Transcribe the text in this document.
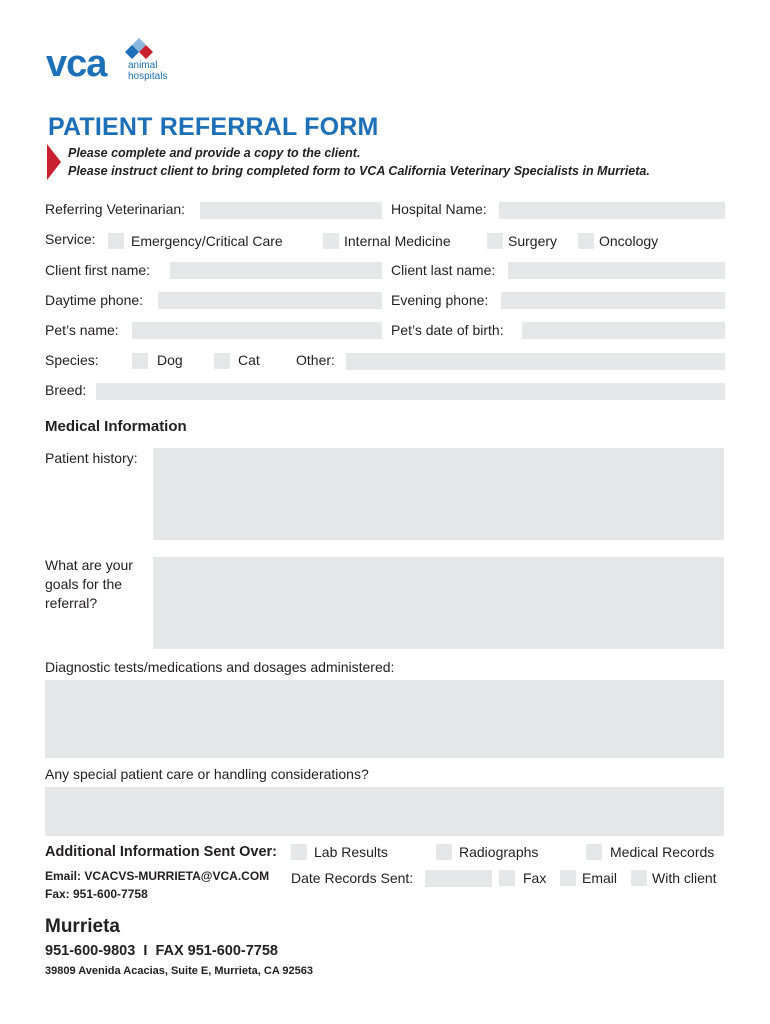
vca animal
hospitals
PATIENT REFERRAL FORM
Please complete and provide a copy to the client.
Please instruct client to bring completed form to VCA California Veterinary Specialists in Murrieta.
Referring Veterinarian:	Hospital Name:
Service:	Emergency/Critical Care	Internal Medicine	Surgery	Oncology
Client first name:	Client last name:
Daytime phone:	Evening phone:
Pet’s name:	Pet’s date of birth:
Species:	Dog	Cat	Other:
Breed:
Medical Information
Patient history:
What are your
goals for the
referral?
Diagnostic tests/medications and dosages administered:
Any special patient care or handling considerations?
Additional Information Sent Over:	Lab Results	Radiographs	Medical Records
Email: VCACVS-MURRIETA@VCA.COM
Fax: 951-600-7758
Date Records Sent:	Fax	Email With client
Murrieta
951-600-9803  I  FAX 951-600-7758
39809 Avenida Acacias, Suite E, Murrieta, CA 92563
